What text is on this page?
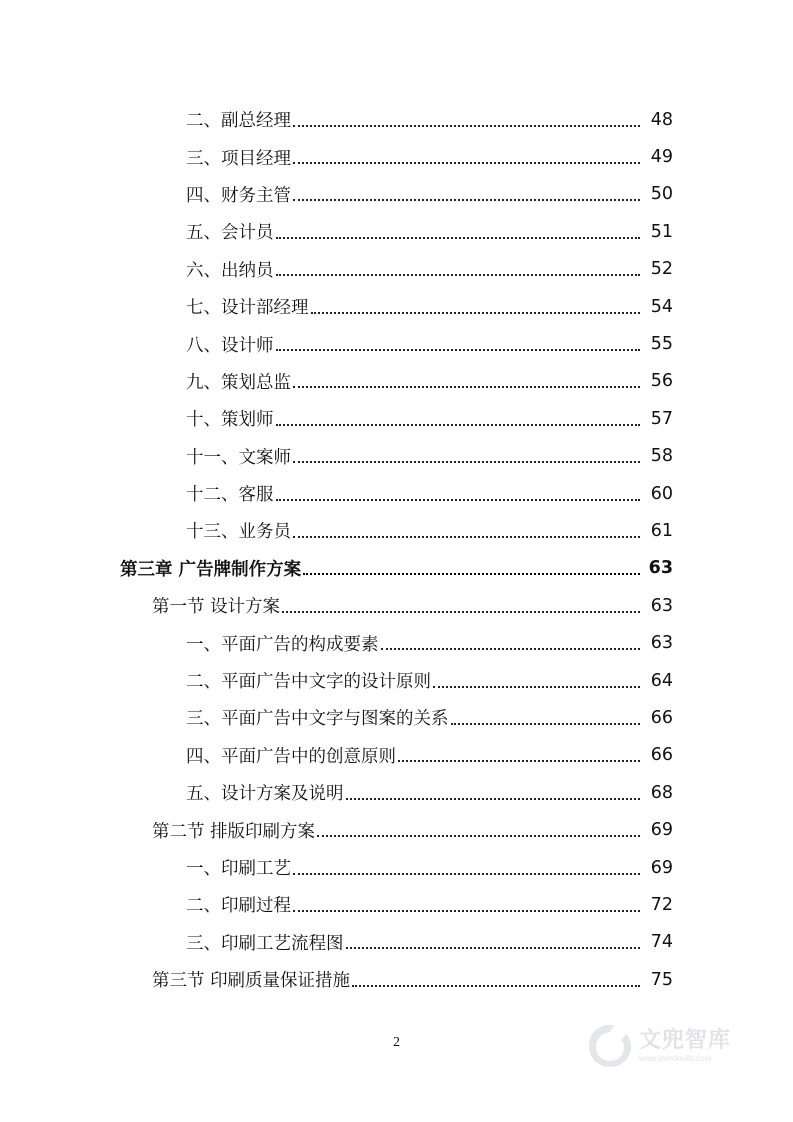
二、副总经理	48
三、项目经理	49
四、财务主管	50
五、会计员	51
六、出纳员	52
七、设计部经理	54
八、设计师	55
九、策划总监	56
十、策划师	57
十一、文案师	58
十二、客服	60
十三、业务员	61
第三章 广告牌制作方案	63
第一节 设计方案	63
一、平面广告的构成要素	63
二、平面广告中文字的设计原则	64
三、平面广告中文字与图案的关系	66
四、平面广告中的创意原则	66
五、设计方案及说明	68
第二节 排版印刷方案	69
一、印刷工艺	69
二、印刷过程	72
三、印刷工艺流程图	74
第三节 印刷质量保证措施	75
2	文兜智库
www.wendoulib.com
